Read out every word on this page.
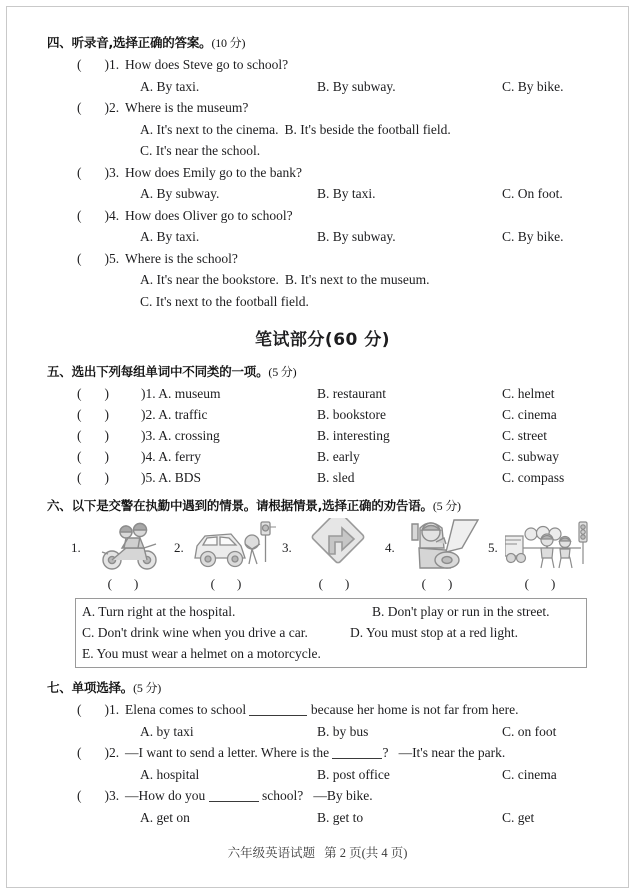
四、听录音,选择正确的答案。(10 分)
( )1. How does Steve go to school?
A. By taxi.	B. By subway.	C. By bike.
( )2. Where is the museum?
A. It's next to the cinema. B. It's beside the football field.
C. It's near the school.
( )3. How does Emily go to the bank?
A. By subway.	B. By taxi.	C. On foot.
( )4. How does Oliver go to school?
A. By taxi.	B. By subway.	C. By bike.
( )5. Where is the school?
A. It's near the bookstore. B. It's next to the museum.
C. It's next to the football field.
笔试部分(60 分)
五、选出下列每组单词中不同类的一项。(5 分)
( ) )1. A. museum	B. restaurant	C. helmet
( ) )2. A. traffic	B. bookstore	C. cinema
( ) )3. A. crossing	B. interesting	C. street
( ) )4. A. ferry	B. early	C. subway
( ) )5. A. BDS	B. sled	C. compass
六、以下是交警在执勤中遇到的情景。请根据情景,选择正确的劝告语。(5 分)
1.
( )
2.
( )
3.
( )
4.
( )
5.
( )
A. Turn right at the hospital.	B. Don't play or run in the street.
C. Don't drink wine when you drive a car.	D. You must stop at a red light.
E. You must wear a helmet on a motorcycle.
七、单项选择。(5 分)
( )1. Elena comes to school	because her home is not far from here.
A. by taxi	B. by bus	C. on foot
( )2. —I want to send a letter. Where is the	? —It's near the park.
A. hospital	B. post office	C. cinema
( )3. —How do you	school? —By bike.
A. get on	B. get to	C. get
六年级英语试题 第 2 页(共 4 页)
